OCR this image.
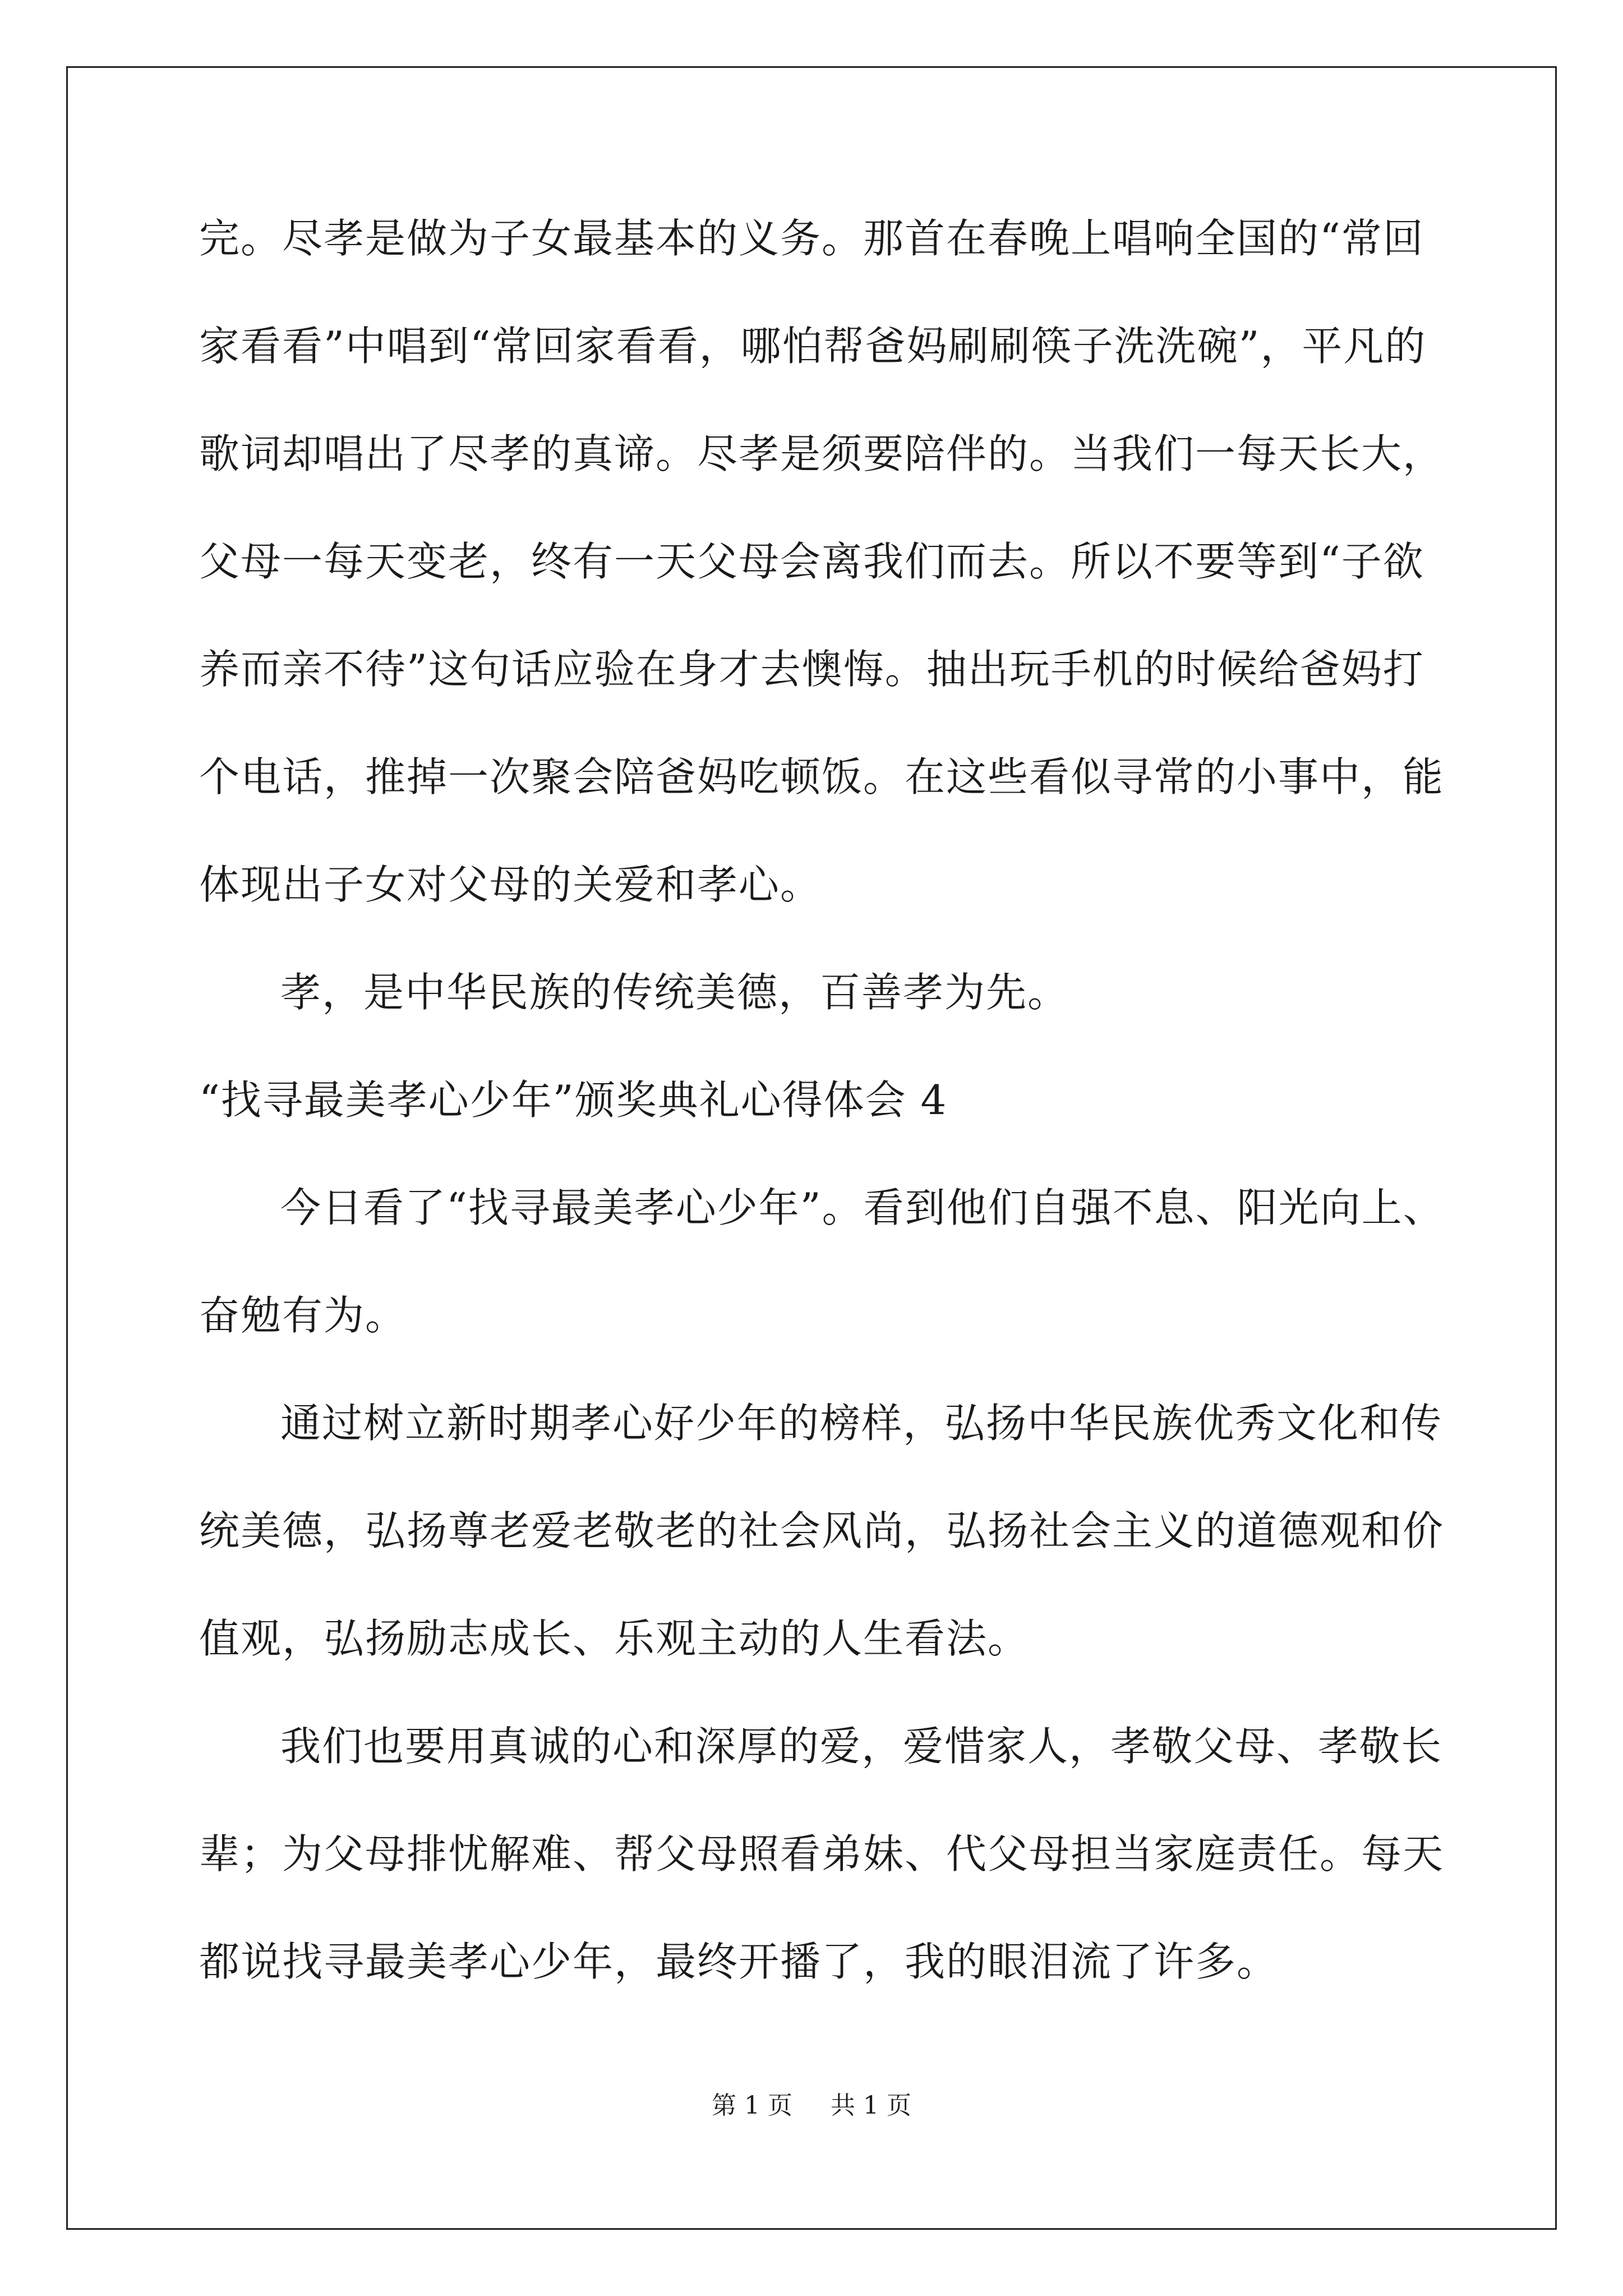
完。尽孝是做为子女最基本的义务。那首在春晚上唱响全国的“常回
家看看”中唱到“常回家看看，哪怕帮爸妈刷刷筷子洗洗碗”，平凡的
歌词却唱出了尽孝的真谛。尽孝是须要陪伴的。当我们一每天长大，
父母一每天变老，终有一天父母会离我们而去。所以不要等到“子欲
养而亲不待”这句话应验在身才去懊悔。抽出玩手机的时候给爸妈打
个电话，推掉一次聚会陪爸妈吃顿饭。在这些看似寻常的小事中，能
体现出子女对父母的关爱和孝心。
孝，是中华民族的传统美德，百善孝为先。
“找寻最美孝心少年”颁奖典礼心得体会 4
今日看了“找寻最美孝心少年”。看到他们自强不息、阳光向上、
奋勉有为。
通过树立新时期孝心好少年的榜样，弘扬中华民族优秀文化和传
统美德，弘扬尊老爱老敬老的社会风尚，弘扬社会主义的道德观和价
值观，弘扬励志成长、乐观主动的人生看法。
我们也要用真诚的心和深厚的爱，爱惜家人，孝敬父母、孝敬长
辈；为父母排忧解难、帮父母照看弟妹、代父母担当家庭责任。每天
都说找寻最美孝心少年，最终开播了，我的眼泪流了许多。
第 1 页 共 1 页
